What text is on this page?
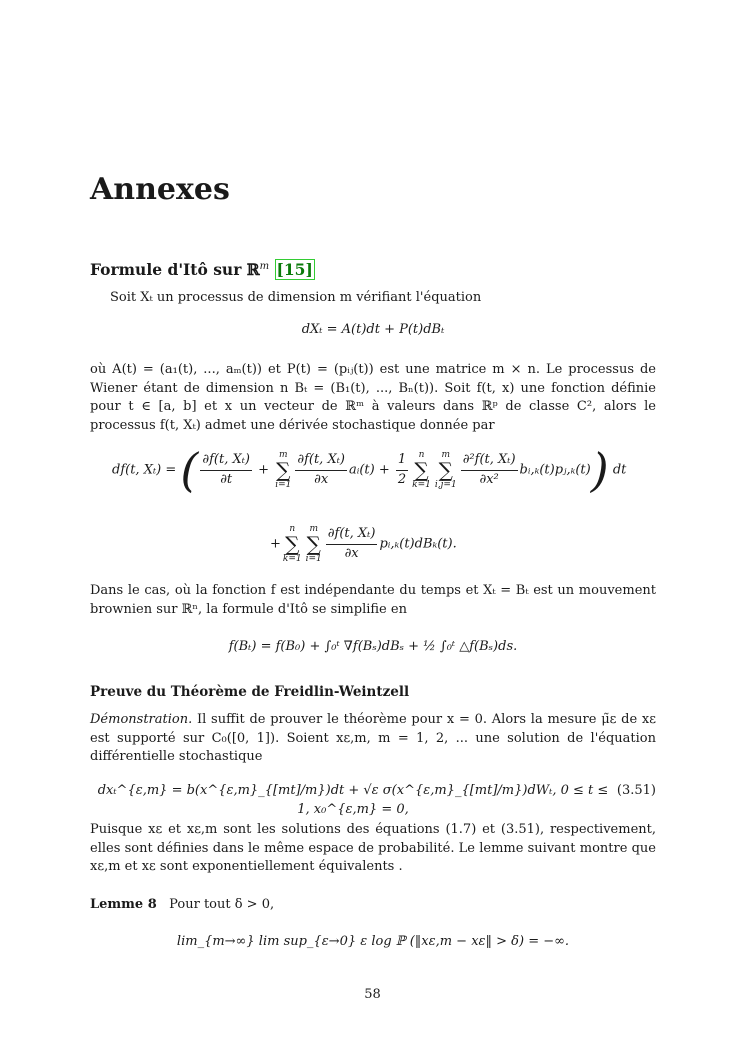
Annexes
Formule d'Itô sur ℝ$^m$ [15]
Soit Xₜ un processus de dimension m vérifiant l'équation
dXₜ = A(t)dt + P(t)dBₜ
où A(t) = (a₁(t), ..., aₘ(t)) et P(t) = (pᵢⱼ(t)) est une matrice m × n. Le processus de Wiener étant de dimension n Bₜ = (B₁(t), ..., Bₙ(t)). Soit f(t, x) une fonction définie pour t ∈ [a, b] et x un vecteur de ℝᵐ à valeurs dans ℝᵖ de classe C², alors le processus f(t, Xₜ) admet une dérivée stochastique donnée par
df(t, Xₜ) = ( $\frac{\text{∂f(t, Xₜ)}}{\partial t}$ +
m
∑
$i=1 \frac{\text{∂f(t, Xₜ)}}{\partial x}$ aᵢ(t) + $\frac{1}{2}$	n
∑
k=1
m
∑
$i,j=1 \frac{\text{∂²f(t, Xₜ)}}{\text{∂x²}}$ bᵢ,ₖ(t)pⱼ,ₖ(t)) dt
+
n
∑
k=1
m
∑
$i=1 \frac{\text{∂f(t, Xₜ)}}{\partial x}$ pᵢ,ₖ(t)dBₖ(t).
Dans le cas, où la fonction f est indépendante du temps et Xₜ = Bₜ est un mouvement brownien sur ℝⁿ, la formule d'Itô se simplifie en
f(Bₜ) = f(B₀) + ∫₀ᵗ ∇f(Bₛ)dBₛ + ½ ∫₀ᵗ △f(Bₛ)ds.
Preuve du Théorème de Freidlin-Weintzell
Démonstration. Il suffit de prouver le théorème pour x = 0. Alors la mesure μ̃ε de xε est supporté sur C₀([0, 1]). Soient xε,m, m = 1, 2, ... une solution de l'équation différentielle stochastique
dxₜ^{ε,m} = b(x^{ε,m}_{[mt]/m})dt + √ε σ(x^{ε,m}_{[mt]/m})dWₜ, 0 ≤ t ≤ 1, x₀^{ε,m} = 0,
(3.51)
Puisque xε et xε,m sont les solutions des équations (1.7) et (3.51), respectivement, elles sont définies dans le même espace de probabilité. Le lemme suivant montre que xε,m et xε sont exponentiellement équivalents .
Lemme 8 Pour tout δ > 0,
lim_{m→∞} lim sup_{ε→0} ε log ℙ (‖xε,m − xε‖ > δ) = −∞.
58
